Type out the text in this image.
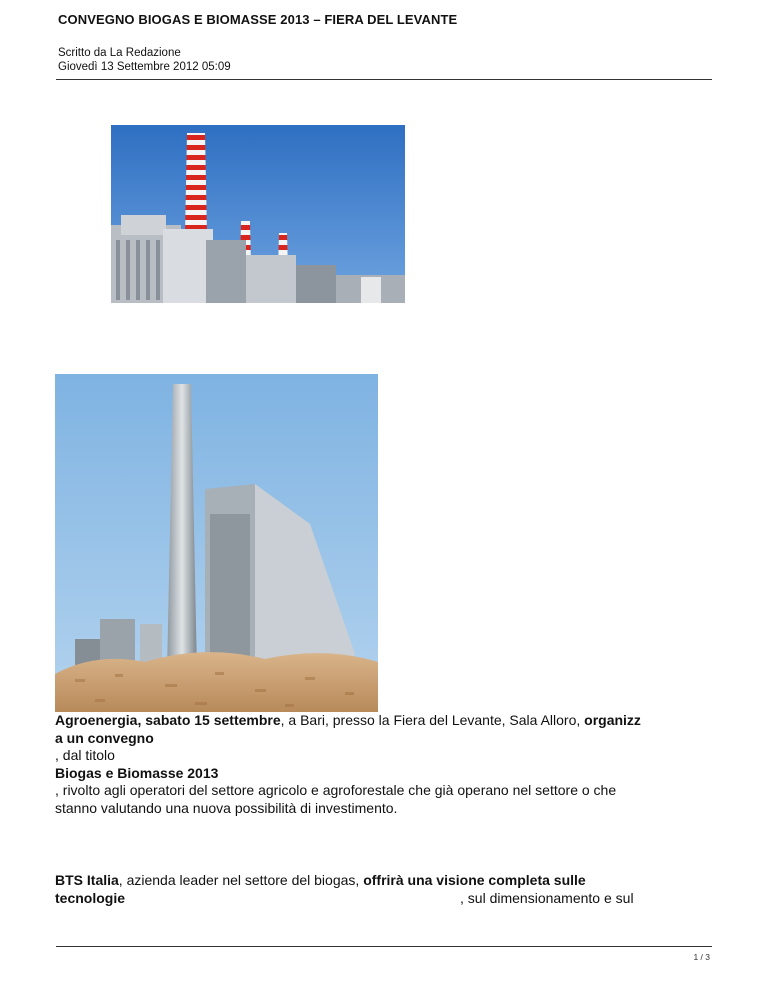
CONVEGNO BIOGAS E BIOMASSE 2013 – FIERA DEL LEVANTE
Scritto da La Redazione
Giovedì 13 Settembre 2012 05:09
Agroenergia, sabato 15 settembre, a Bari, presso la Fiera del Levante, Sala Alloro, organizz
a un convegno
, dal titolo
Biogas e Biomasse 2013
, rivolto agli operatori del settore agricolo e agroforestale che già operano nel settore o che
stanno valutando una nuova possibilità di investimento.
BTS Italia, azienda leader nel settore del biogas, offrirà una visione completa sulle
tecnologie	, sul dimensionamento e sul
1 / 3
